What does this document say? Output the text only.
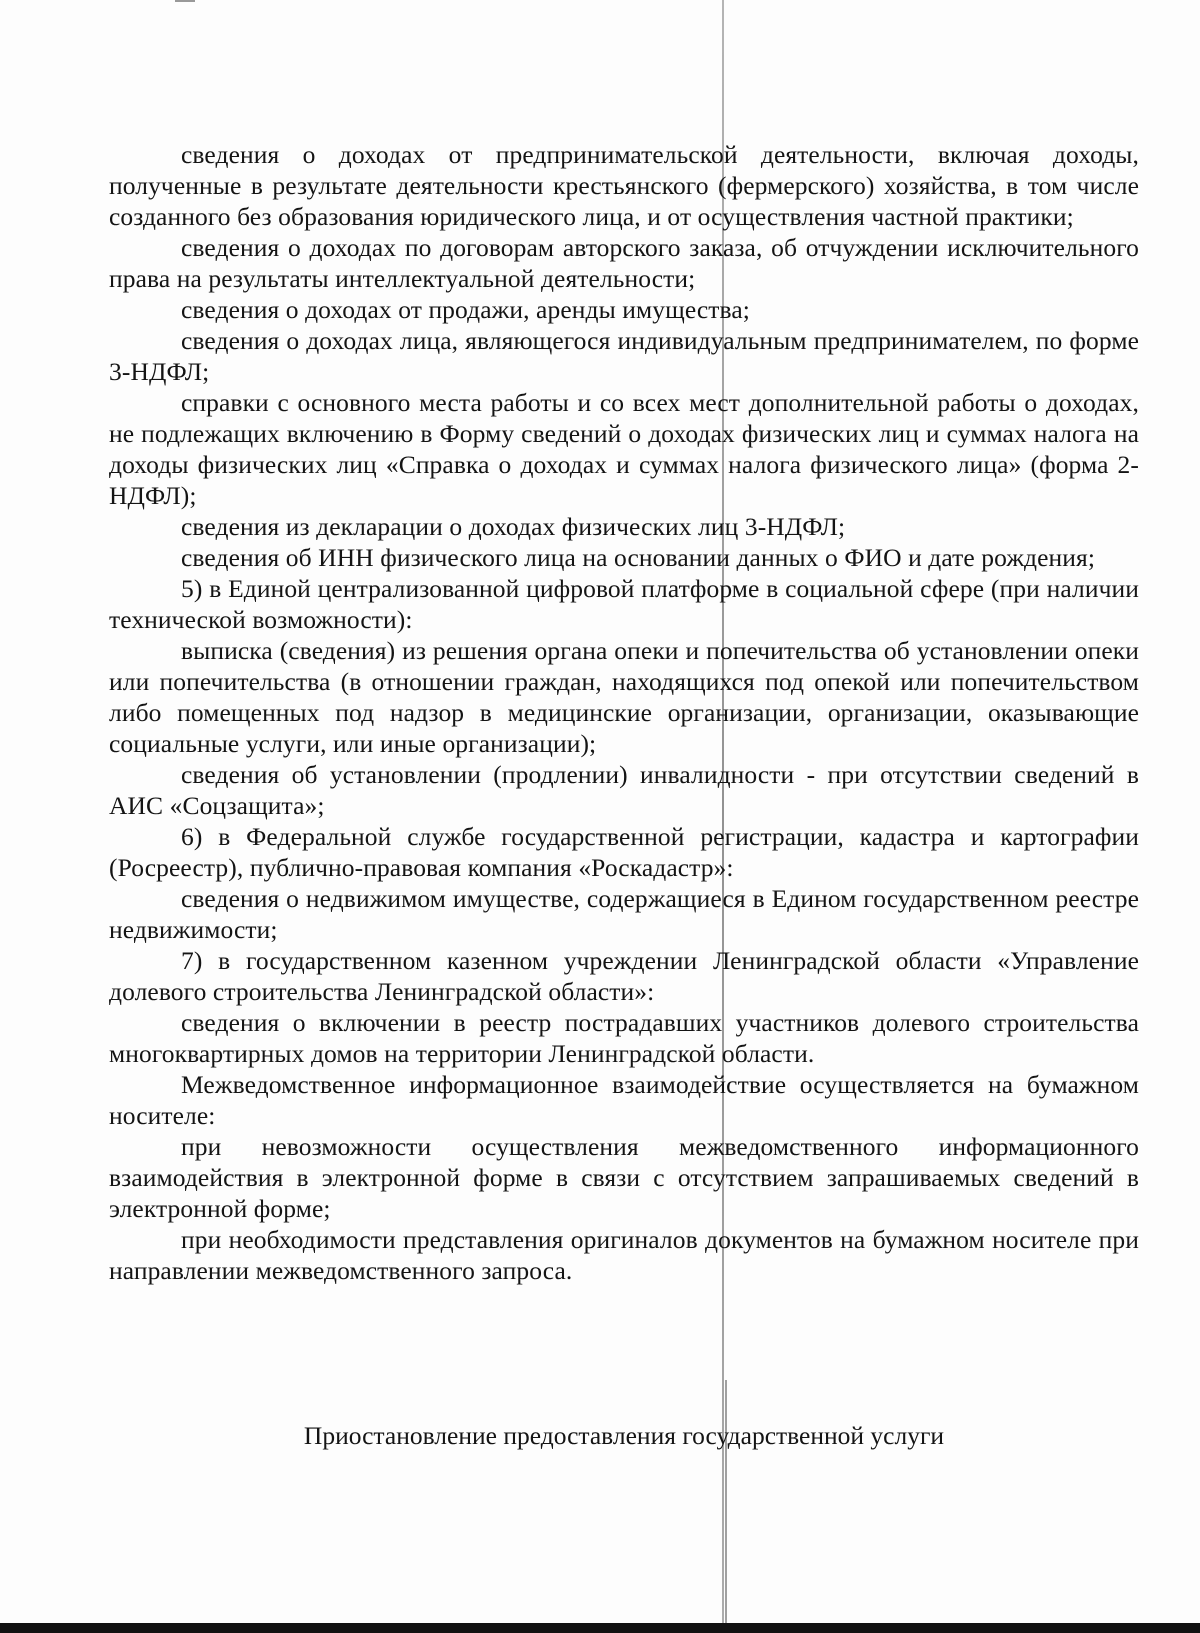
сведения о доходах от предпринимательской деятельности, включая доходы, полученные в результате деятельности крестьянского (фермерского) хозяйства, в том числе созданного без образования юридического лица, и от осуществления частной практики;

сведения о доходах по договорам авторского заказа, об отчуждении исключительного права на результаты интеллектуальной деятельности;

сведения о доходах от продажи, аренды имущества;

сведения о доходах лица, являющегося индивидуальным предпринимателем, по форме 3-НДФЛ;

справки с основного места работы и со всех мест дополнительной работы о доходах, не подлежащих включению в Форму сведений о доходах физических лиц и суммах налога на доходы физических лиц «Справка о доходах и суммах налога физического лица» (форма 2-НДФЛ);

сведения из декларации о доходах физических лиц 3-НДФЛ;

сведения об ИНН физического лица на основании данных о ФИО и дате рождения;

5) в Единой централизованной цифровой платформе в социальной сфере (при наличии технической возможности):

выписка (сведения) из решения органа опеки и попечительства об установлении опеки или попечительства (в отношении граждан, находящихся под опекой или попечительством либо помещенных под надзор в медицинские организации, организации, оказывающие социальные услуги, или иные организации);

сведения об установлении (продлении) инвалидности - при отсутствии сведений в АИС «Соцзащита»;

6) в Федеральной службе государственной регистрации, кадастра и картографии (Росреестр), публично-правовая компания «Роскадастр»:

сведения о недвижимом имуществе, содержащиеся в Едином государственном реестре недвижимости;

7) в государственном казенном учреждении Ленинградской области «Управление долевого строительства Ленинградской области»:

сведения о включении в реестр пострадавших участников долевого строительства многоквартирных домов на территории Ленинградской области.

Межведомственное информационное взаимодействие осуществляется на бумажном носителе:

при невозможности осуществления межведомственного информационного взаимодействия в электронной форме в связи с отсутствием запрашиваемых сведений в электронной форме;

при необходимости представления оригиналов документов на бумажном носителе при направлении межведомственного запроса.

Приостановление предоставления государственной услуги
